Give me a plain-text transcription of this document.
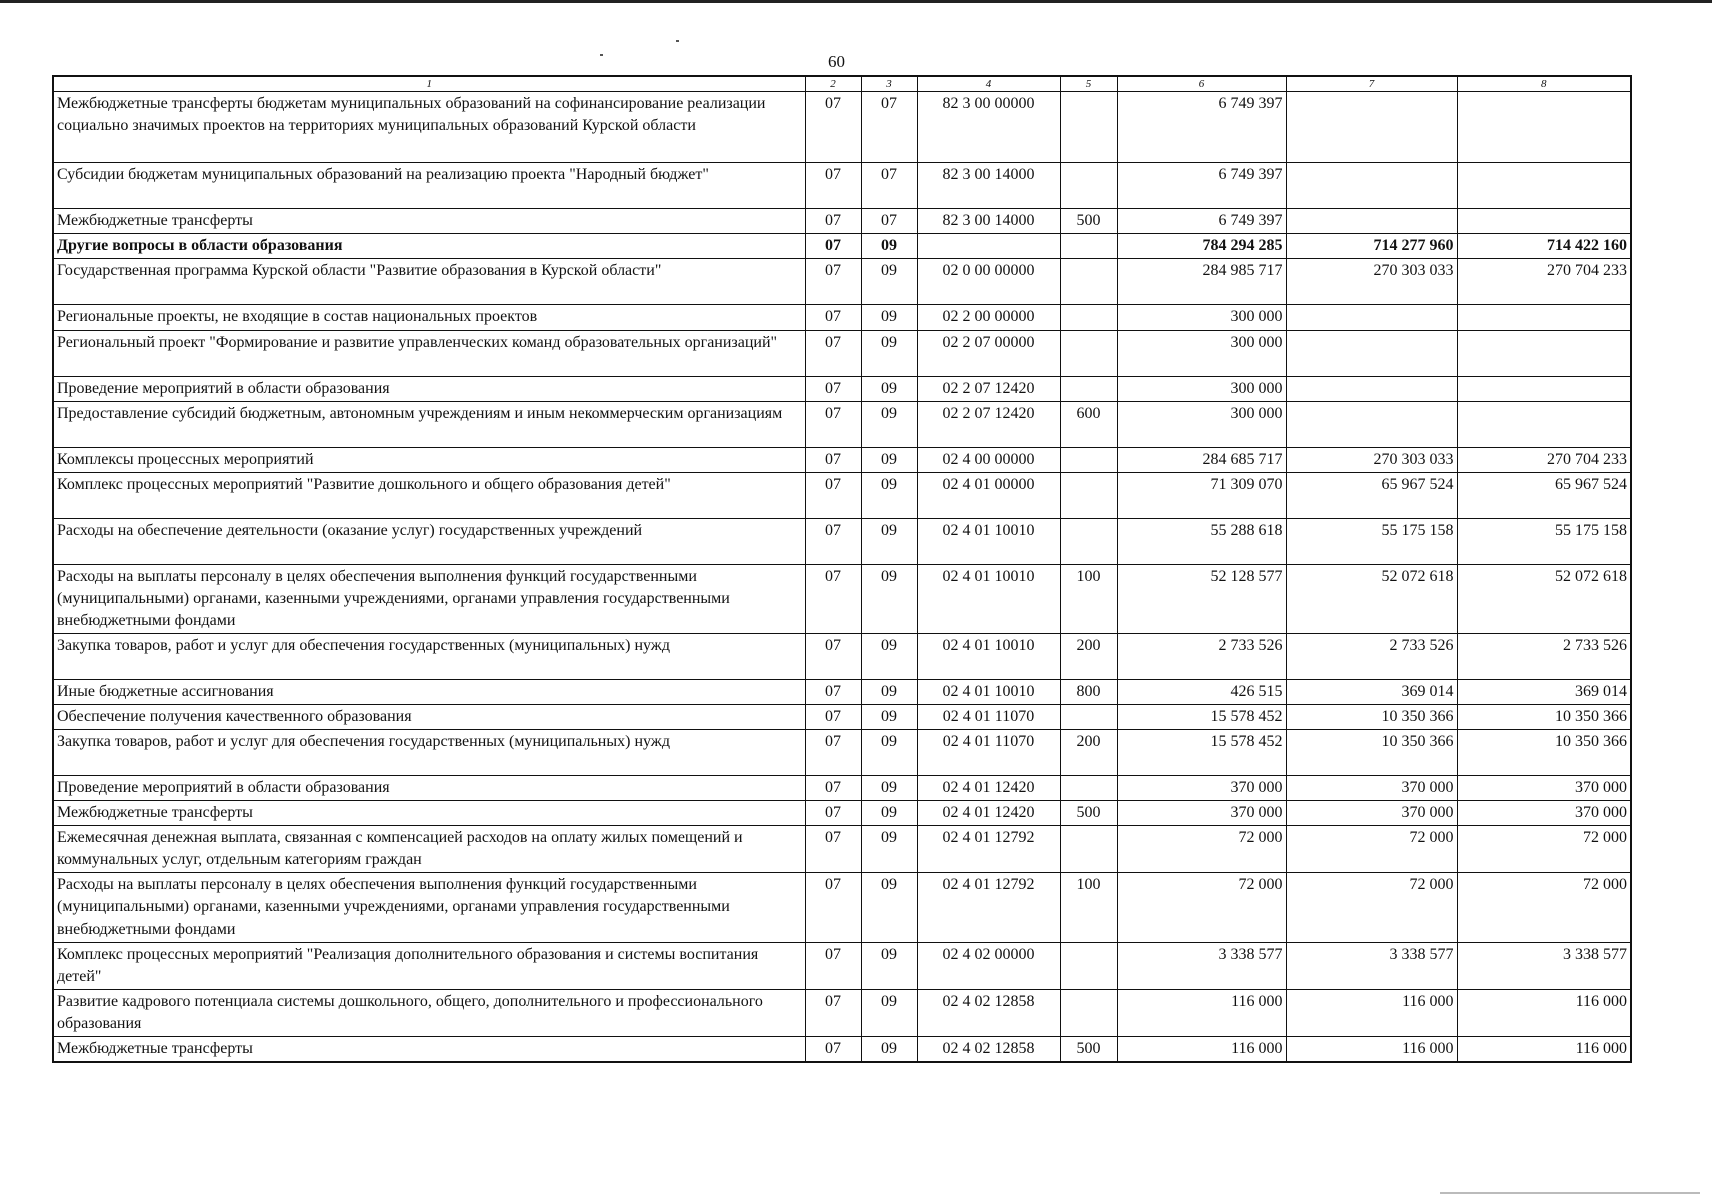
60
1	2	3	4	5	6	7	8
Межбюджетные трансферты бюджетам муниципальных образований на софинансирование реализации социально значимых проектов на территориях муниципальных образований Курской области	07	07	82 3 00 00000		6 749 397		
Субсидии бюджетам муниципальных образований на реализацию проекта "Народный бюджет"	07	07	82 3 00 14000		6 749 397		
Межбюджетные трансферты	07	07	82 3 00 14000	500	6 749 397		
Другие вопросы в области образования	07	09			784 294 285	714 277 960	714 422 160
Государственная программа Курской области "Развитие образования в Курской области"	07	09	02 0 00 00000		284 985 717	270 303 033	270 704 233
Региональные проекты, не входящие в состав национальных проектов	07	09	02 2 00 00000		300 000		
Региональный проект "Формирование и развитие управленческих команд образовательных организаций"	07	09	02 2 07 00000		300 000		
Проведение мероприятий в области образования	07	09	02 2 07 12420		300 000		
Предоставление субсидий бюджетным, автономным учреждениям и иным некоммерческим организациям	07	09	02 2 07 12420	600	300 000		
Комплексы процессных мероприятий	07	09	02 4 00 00000		284 685 717	270 303 033	270 704 233
Комплекс процессных мероприятий "Развитие дошкольного и общего образования детей"	07	09	02 4 01 00000		71 309 070	65 967 524	65 967 524
Расходы на обеспечение деятельности (оказание услуг) государственных учреждений	07	09	02 4 01 10010		55 288 618	55 175 158	55 175 158
Расходы на выплаты персоналу в целях обеспечения выполнения функций государственными (муниципальными) органами, казенными учреждениями, органами управления государственными внебюджетными фондами	07	09	02 4 01 10010	100	52 128 577	52 072 618	52 072 618
Закупка товаров, работ и услуг для обеспечения государственных (муниципальных) нужд	07	09	02 4 01 10010	200	2 733 526	2 733 526	2 733 526
Иные бюджетные ассигнования	07	09	02 4 01 10010	800	426 515	369 014	369 014
Обеспечение получения качественного образования	07	09	02 4 01 11070		15 578 452	10 350 366	10 350 366
Закупка товаров, работ и услуг для обеспечения государственных (муниципальных) нужд	07	09	02 4 01 11070	200	15 578 452	10 350 366	10 350 366
Проведение мероприятий в области образования	07	09	02 4 01 12420		370 000	370 000	370 000
Межбюджетные трансферты	07	09	02 4 01 12420	500	370 000	370 000	370 000
Ежемесячная денежная выплата, связанная с компенсацией расходов на оплату жилых помещений и коммунальных услуг, отдельным категориям граждан	07	09	02 4 01 12792		72 000	72 000	72 000
Расходы на выплаты персоналу в целях обеспечения выполнения функций государственными (муниципальными) органами, казенными учреждениями, органами управления государственными внебюджетными фондами	07	09	02 4 01 12792	100	72 000	72 000	72 000
Комплекс процессных мероприятий "Реализация дополнительного образования и системы воспитания детей"	07	09	02 4 02 00000		3 338 577	3 338 577	3 338 577
Развитие кадрового потенциала системы дошкольного, общего, дополнительного и профессионального образования	07	09	02 4 02 12858		116 000	116 000	116 000
Межбюджетные трансферты	07	09	02 4 02 12858	500	116 000	116 000	116 000
